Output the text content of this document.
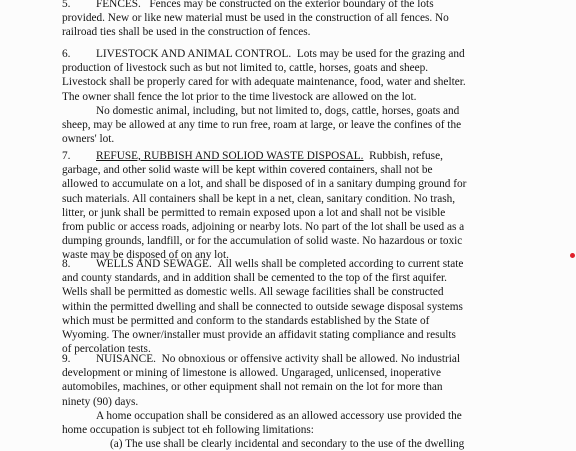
5. FENCES. Fences may be constructed on the exterior boundary of the lots
provided. New or like new material must be used in the construction of all fences. No
railroad ties shall be used in the construction of fences.
6. LIVESTOCK AND ANIMAL CONTROL. Lots may be used for the grazing and
production of livestock such as but not limited to, cattle, horses, goats and sheep.
Livestock shall be properly cared for with adequate maintenance, food, water and shelter.
The owner shall fence the lot prior to the time livestock are allowed on the lot.
No domestic animal, including, but not limited to, dogs, cattle, horses, goats and
sheep, may be allowed at any time to run free, roam at large, or leave the confines of the
owners' lot.
7. REFUSE, RUBBISH AND SOLIOD WASTE DISPOSAL. Rubbish, refuse,
garbage, and other solid waste will be kept within covered containers, shall not be
allowed to accumulate on a lot, and shall be disposed of in a sanitary dumping ground for
such materials. All containers shall be kept in a net, clean, sanitary condition. No trash,
litter, or junk shall be permitted to remain exposed upon a lot and shall not be visible
from public or access roads, adjoining or nearby lots. No part of the lot shall be used as a
dumping grounds, landfill, or for the accumulation of solid waste. No hazardous or toxic
waste may be disposed of on any lot.
8. WELLS AND SEWAGE. All wells shall be completed according to current state
and county standards, and in addition shall be cemented to the top of the first aquifer.
Wells shall be permitted as domestic wells. All sewage facilities shall be constructed
within the permitted dwelling and shall be connected to outside sewage disposal systems
which must be permitted and conform to the standards established by the State of
Wyoming. The owner/installer must provide an affidavit stating compliance and results
of percolation tests.
9. NUISANCE. No obnoxious or offensive activity shall be allowed. No industrial
development or mining of limestone is allowed. Ungaraged, unlicensed, inoperative
automobiles, machines, or other equipment shall not remain on the lot for more than
ninety (90) days.
A home occupation shall be considered as an allowed accessory use provided the
home occupation is subject tot eh following limitations:
(a) The use shall be clearly incidental and secondary to the use of the dwelling
